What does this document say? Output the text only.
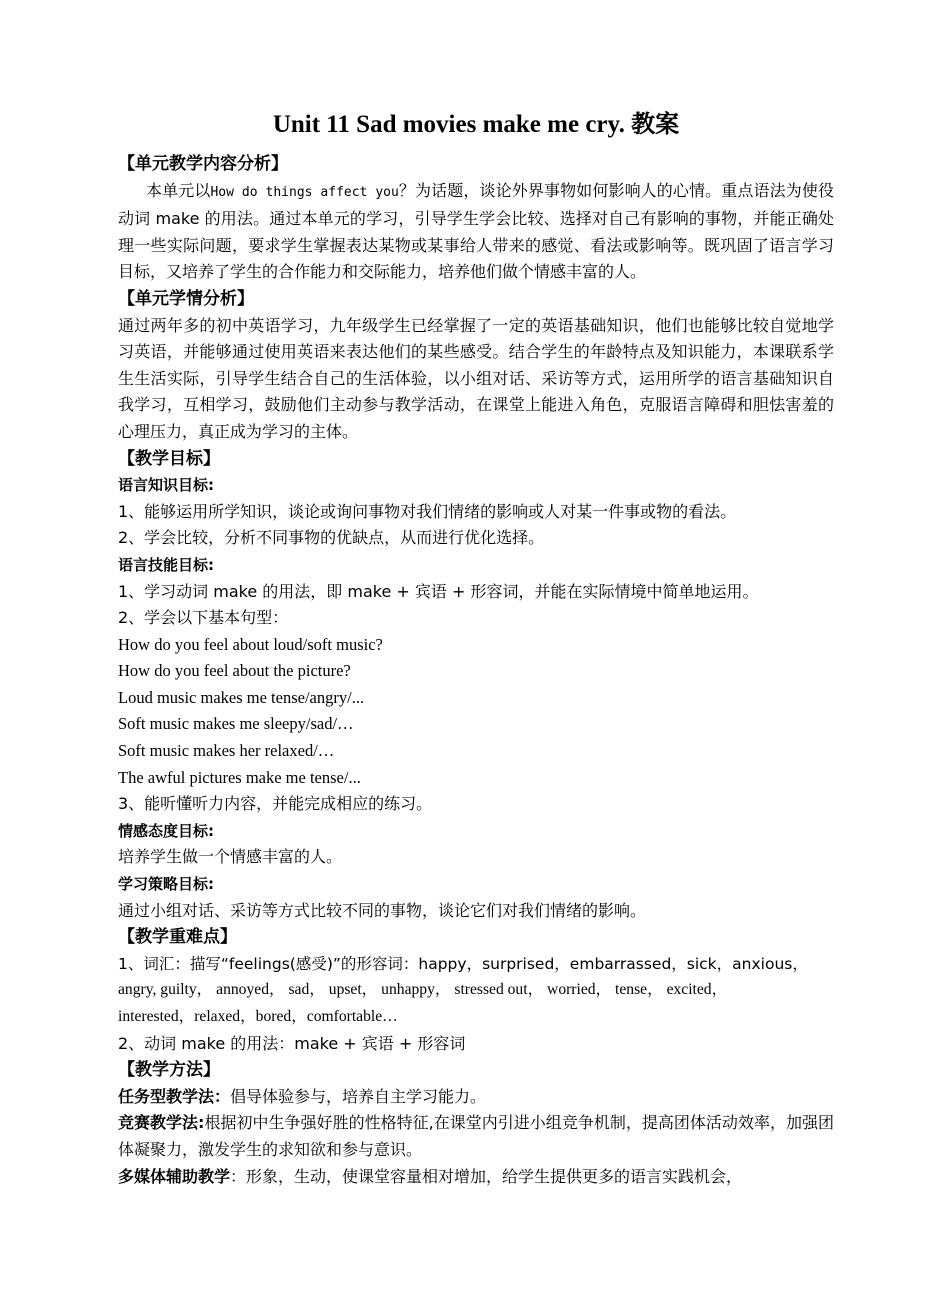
Unit 11 Sad movies make me cry. 教案
【单元教学内容分析】
本单元以How do things affect you？为话题，谈论外界事物如何影响人的心情。重点语法为使役动词 make 的用法。通过本单元的学习，引导学生学会比较、选择对自己有影响的事物，并能正确处理一些实际问题，要求学生掌握表达某物或某事给人带来的感觉、看法或影响等。既巩固了语言学习目标，又培养了学生的合作能力和交际能力，培养他们做个情感丰富的人。
【单元学情分析】
通过两年多的初中英语学习，九年级学生已经掌握了一定的英语基础知识，他们也能够比较自觉地学习英语，并能够通过使用英语来表达他们的某些感受。结合学生的年龄特点及知识能力，本课联系学生生活实际，引导学生结合自己的生活体验，以小组对话、采访等方式，运用所学的语言基础知识自我学习，互相学习，鼓励他们主动参与教学活动，在课堂上能进入角色，克服语言障碍和胆怯害羞的心理压力，真正成为学习的主体。
【教学目标】
语言知识目标:
1、能够运用所学知识，谈论或询问事物对我们情绪的影响或人对某一件事或物的看法。
2、学会比较，分析不同事物的优缺点，从而进行优化选择。
语言技能目标:
1、学习动词 make 的用法，即 make + 宾语 + 形容词，并能在实际情境中简单地运用。
2、学会以下基本句型：
How do you feel about loud/soft music?
How do you feel about the picture?
Loud music makes me tense/angry/...
Soft music makes me sleepy/sad/…
Soft music makes her relaxed/…
The awful pictures make me tense/...
3、能听懂听力内容，并能完成相应的练习。
情感态度目标:
培养学生做一个情感丰富的人。
学习策略目标:
通过小组对话、采访等方式比较不同的事物，谈论它们对我们情绪的影响。
【教学重难点】
1、词汇：描写“feelings(感受)”的形容词：happy，surprised，embarrassed，sick，anxious，
angry, guilty， annoyed， sad， upset， unhappy， stressed out， worried， tense， excited，
interested，relaxed，bored，comfortable…
2、动词 make 的用法：make + 宾语 + 形容词
【教学方法】
任务型教学法：倡导体验参与，培养自主学习能力。
竞赛教学法:根据初中生争强好胜的性格特征,在课堂内引进小组竞争机制，提高团体活动效率，加强团体凝聚力，激发学生的求知欲和参与意识。
多媒体辅助教学：形象，生动，使课堂容量相对增加，给学生提供更多的语言实践机会，
